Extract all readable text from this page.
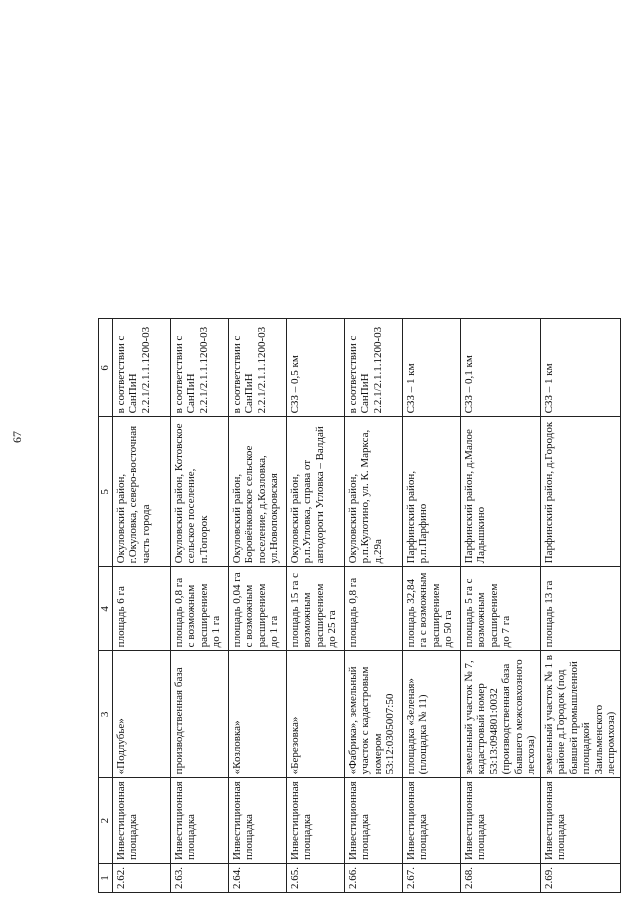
67
1	2	3	4	5	6
2.62.	Инвестиционная площадка	«Подлубье»	площадь 6 га	Окуловский район, г.Окуловка, северо-восточная часть города	в соответствии с СанПиН 2.2.1/2.1.1.1200-03
2.63.	Инвестиционная площадка	производственная база	площадь 0,8 га с возможным расширением до 1 га	Окуловский район, Котовское сельское поселение, п.Топорок	в соответствии с СанПиН 2.2.1/2.1.1.1200-03
2.64.	Инвестиционная площадка	«Козловка»	площадь 0,04 га с возможным расширением до 1 га	Окуловский район, Боровёнковское сельское поселение, д.Козловка, ул.Новопокровская	в соответствии с СанПиН 2.2.1/2.1.1.1200-03
2.65.	Инвестиционная площадка	«Березовка»	площадь 15 га с возможным расширением до 25 га	Окуловский район, р.п.Угловка, справа от автодороги Угловка – Валдай	СЗЗ – 0,5 км
2.66.	Инвестиционная площадка	«Фабрика», земельный участок с кадастровым номером 53:12:0305007:50	площадь 0,8 га	Окуловский район, р.п.Кулотино, ул. К. Маркса, д.29а	в соответствии с СанПиН 2.2.1/2.1.1.1200-03
2.67.	Инвестиционная площадка	площадка «Зеленая» (площадка № 11)	площадь 32,84 га с возможным расширением до 50 га	Парфинский район, р.п.Парфино	СЗЗ – 1 км
2.68.	Инвестиционная площадка	земельный участок № 7, кадастровый номер 53:13:094801:0032 (производственная база бывшего межсовхозного лесхоза)	площадь 5 га с возможным расширением до 7 га	Парфинский район, д.Малое Ладышкино	СЗЗ – 0,1 км
2.69.	Инвестиционная площадка	земельный участок № 1 в районе д.Городок (под бывшей промышленной площадкой Заильменского леспромхоза)	площадь 13 га	Парфинский район, д.Городок	СЗЗ – 1 км
